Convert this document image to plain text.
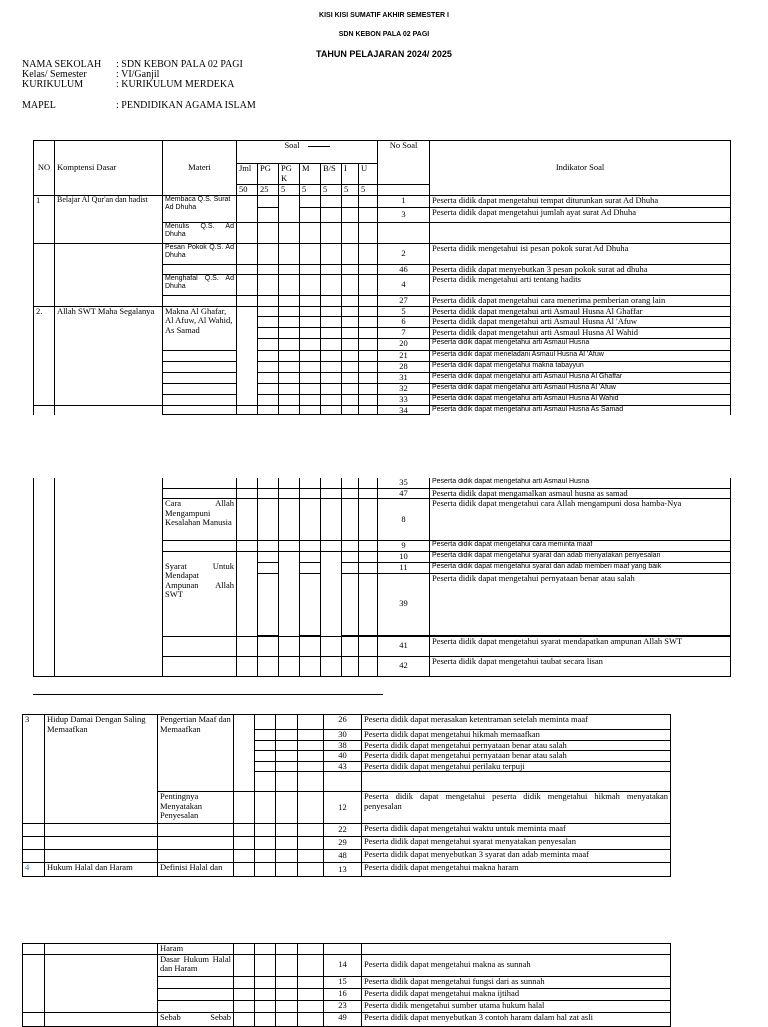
KISI KISI SUMATIF AKHIR SEMESTER I
SDN KEBON PALA 02 PAGI
TAHUN PELAJARAN 2024/ 2025
NAMA SEKOLAH : SDN KEBON PALA 02 PAGI
Kelas/ Semester	: VI/Ganjil
KURIKULUM	: KURIKULUM MERDEKA
MAPEL	: PENDIDIKAN AGAMA ISLAM
NO	Komptensi Dasar	Materi	Soal							No Soal	Indikator Soal
			Jml	PG	PG K	M	B/S	I	U		
			50	25	5	5	5	5	5		
1	Belajar Al Qur'an dan hadist	Membaca Q.S. Surat Ad Dhuha								1	Peserta didik dapat mengetahui tempat diturunkan surat Ad Dhuha
										3	Peserta didik dapat mengetahui jumlah ayat surat Ad Dhuha
		Menulis Q.S. Ad Dhuha									
		Pesan Pokok Q.S. Ad Dhuha								2	Peserta didik mengetahui isi pesan pokok surat Ad Dhuha
										46	Peserta didik dapat menyebutkan 3 pesan pokok surat ad dhuha
		Menghafal Q.S. Ad Dhuha								4	Peserta didik mengetahui arti tentang hadits
										27	Peserta didik dapat mengetahui cara menerima pemberian orang lain
2.	Allah SWT Maha Segalanya	Makna Al Ghafar, Al Afuw, Al Wahid, As Samad								5	Peserta didik dapat mengetahui arti Asmaul Husna Al Ghaffar
										6	Peserta didik dapat mengetahui arti Asmaul Husna Al 'Afuw
										7	Peserta didik dapat mengetahui arti Asmaul Husna Al Wahid
										20	Peserta didik dapat mengetahui arti Asmaul Husna
										21	Peserta didik dapat meneladani Asmaul Husna Al 'Afuw
										28	Peserta didik dapat mengetahui makna tabayyun
										31	Peserta didik dapat mengetahui arti Asmaul Husna Al Ghaffar
										32	Peserta didik dapat mengetahui arti Asmaul Husna Al 'Afuw
										33	Peserta didik dapat mengetahui arti Asmaul Husna Al Wahid
										34	Peserta didik dapat mengetahui arti Asmaul Husna As Samad
										35	Peserta didik dapat mengetahui arti Asmaul Husna
										47	Peserta didik dapat mengamalkan asmaul husna as samad
		Cara Allah Mengampuni Kesalahan Manusia								8	Peserta didik dapat mengetahui cara Allah mengampuni dosa hamba-Nya
										9	Peserta didik dapat mengetahui cara meminta maaf
		Syarat Untuk Mendapat Ampunan Allah SWT								10	Peserta didik dapat mengetahui syarat dan adab menyatakan penyesalan
										11	Peserta didik dapat mengetahui syarat dan adab memberi maaf yang baik
										39	Peserta didik dapat mengetahui pernyataan benar atau salah

										41	Peserta didik dapat mengetahui syarat mendapatkan ampunan Allah SWT
										42	Peserta didik dapat mengetahui taubat secara lisan
3	Hidup Damai Dengan Saling Memaafkan	Pengertian Maaf dan Memaafkan					26	Peserta didik dapat merasakan ketentraman setelah meminta maaf
							30	Peserta didik dapat mengetahui hikmah memaafkan
							38	Peserta didik dapat mengetahui pernyataan benar atau salah
							40	Peserta didik dapat mengetahui pernyataan benar atau salah
							43	Peserta didik dapat mengetahui perilaku terpuji

		Pentingnya Menyatakan Penyesalan					12	Peserta didik dapat mengetahui peserta didik mengetahui hikmah menyatakan penyesalan
							22	Peserta didik dapat mengetahui waktu untuk meminta maaf
							29	Peserta didik dapat mengetahui syarat menyatakan penyesalan
							48	Peserta didik dapat menyebutkan 3 syarat dan adab meminta maaf
4	Hukum Halal dan Haram	Definisi Halal dan					13	Peserta didik dapat mengetahui makna haram
		Haram						
		Dasar Hukum Halal dan Haram					14	Peserta didik dapat mengetahui makna as sunnah
							15	Peserta didik dapat mengetahui fungsi dari as sunnah
							16	Peserta didik dapat mengetahui makna ijtihad
							23	Peserta didik mengetahui sumber utama hukum halal
		Sebab Sebab					49	Peserta didik dapat menyebutkan 3 contoh haram dalam hal zat asli
